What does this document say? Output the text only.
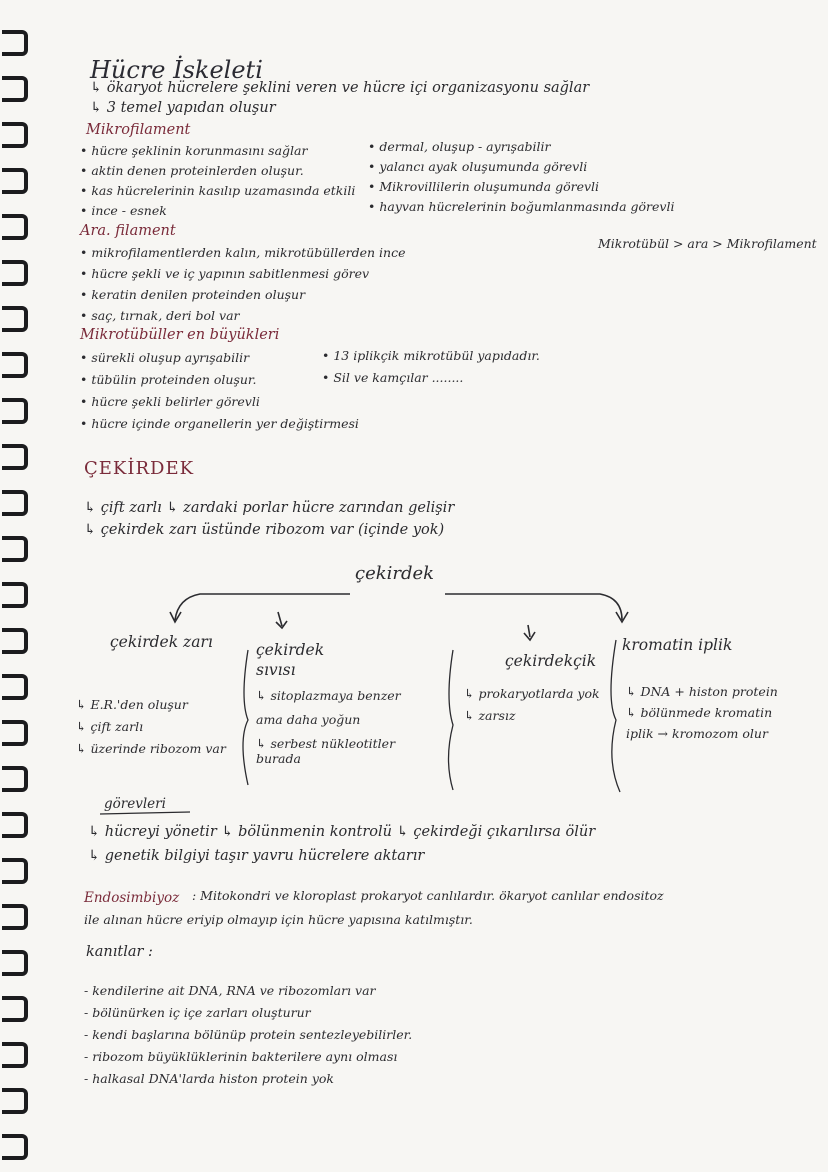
Hücre İskeleti
↳ ökaryot hücrelere şeklini veren ve hücre içi organizasyonu sağlar
↳ 3 temel yapıdan oluşur
Mikrofilament
• hücre şeklinin korunmasını sağlar
• aktin denen proteinlerden oluşur.
• kas hücrelerinin kasılıp uzamasında etkili
• ince - esnek
• dermal, oluşup - ayrışabilir
• yalancı ayak oluşumunda görevli
• Mikrovillilerin oluşumunda görevli
• hayvan hücrelerinin boğumlanmasında görevli
Ara. filament
• mikrofilamentlerden kalın, mikrotübüllerden ince
• hücre şekli ve iç yapının sabitlenmesi görev
• keratin denilen proteinden oluşur
• saç, tırnak, deri bol var
Mikrotübül > ara > Mikrofilament
Mikrotübüller en büyükleri
• sürekli oluşup ayrışabilir
• tübülin proteinden oluşur.
• hücre şekli belirler görevli
• hücre içinde organellerin yer değiştirmesi
• 13 iplikçik mikrotübül yapıdadır.
• Sil ve kamçılar ........
ÇEKİRDEK
↳ çift zarlı ↳ zardaki porlar hücre zarından gelişir
↳ çekirdek zarı üstünde ribozom var (içinde yok)
çekirdek
çekirdek zarı
↳ E.R.'den oluşur
↳ çift zarlı
↳ üzerinde ribozom var
çekirdek sıvısı
↳ sitoplazmaya benzer
ama daha yoğun
↳ serbest nükleotitler burada
çekirdekçik
↳ prokaryotlarda yok
↳ zarsız
kromatin iplik
↳ DNA + histon protein
↳ bölünmede kromatin
iplik → kromozom olur
görevleri
↳ hücreyi yönetir ↳ bölünmenin kontrolü ↳ çekirdeği çıkarılırsa ölür
↳ genetik bilgiyi taşır yavru hücrelere aktarır
Endosimbiyoz : Mitokondri ve kloroplast prokaryot canlılardır. ökaryot canlılar endositoz
ile alınan hücre eriyip olmayıp için hücre yapısına katılmıştır.
kanıtlar :
- kendilerine ait DNA, RNA ve ribozomları var
- bölünürken iç içe zarları oluşturur
- kendi başlarına bölünüp protein sentezleyebilirler.
- ribozom büyüklüklerinin bakterilere aynı olması
- halkasal DNA'larda histon protein yok
